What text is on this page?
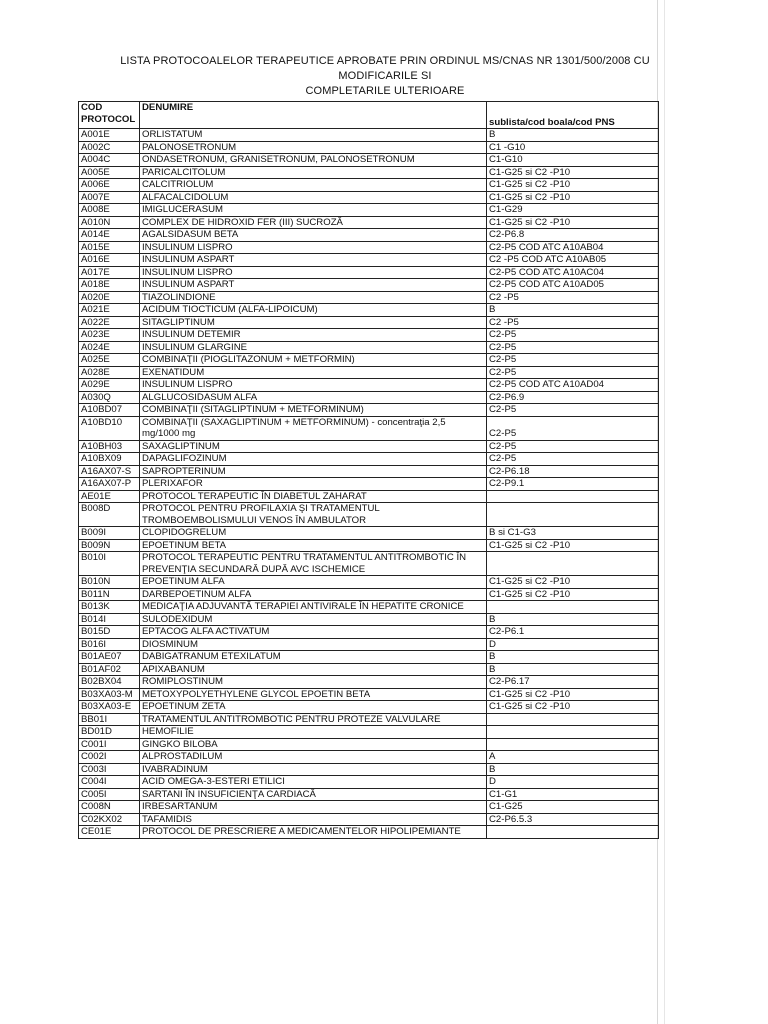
LISTA PROTOCOALELOR TERAPEUTICE APROBATE PRIN ORDINUL MS/CNAS NR 1301/500/2008 CU MODIFICARILE SI
COMPLETARILE ULTERIOARE
COD PROTOCOL	DENUMIRE	sublista/cod boala/cod PNS
A001E	ORLISTATUM	B
A002C	PALONOSETRONUM	C1 -G10
A004C	ONDASETRONUM, GRANISETRONUM, PALONOSETRONUM	C1-G10
A005E	PARICALCITOLUM	C1-G25 si C2 -P10
A006E	CALCITRIOLUM	C1-G25 si C2 -P10
A007E	ALFACALCIDOLUM	C1-G25 si C2 -P10
A008E	IMIGLUCERASUM	C1-G29
A010N	COMPLEX DE HIDROXID FER (III) SUCROZĂ	C1-G25 si C2 -P10
A014E	AGALSIDASUM BETA	C2-P6.8
A015E	INSULINUM LISPRO	C2-P5 COD ATC A10AB04
A016E	INSULINUM ASPART	C2 -P5 COD ATC A10AB05
A017E	INSULINUM LISPRO	C2-P5 COD ATC A10AC04
A018E	INSULINUM ASPART	C2-P5 COD ATC A10AD05
A020E	TIAZOLINDIONE	C2 -P5
A021E	ACIDUM TIOCTICUM (ALFA-LIPOICUM)	B
A022E	SITAGLIPTINUM	C2 -P5
A023E	INSULINUM DETEMIR	C2-P5
A024E	INSULINUM GLARGINE	C2-P5
A025E	COMBINAŢII (PIOGLITAZONUM + METFORMIN)	C2-P5
A028E	EXENATIDUM	C2-P5
A029E	INSULINUM LISPRO	C2-P5 COD ATC A10AD04
A030Q	ALGLUCOSIDASUM ALFA	C2-P6.9
A10BD07	COMBINAŢII (SITAGLIPTINUM + METFORMINUM)	C2-P5
A10BD10	COMBINAŢII (SAXAGLIPTINUM + METFORMINUM) - concentraţia 2,5 mg/1000 mg	C2-P5
A10BH03	SAXAGLIPTINUM	C2-P5
A10BX09	DAPAGLIFOZINUM	C2-P5
A16AX07-S	SAPROPTERINUM	C2-P6.18
A16AX07-P	PLERIXAFOR	C2-P9.1
AE01E	PROTOCOL TERAPEUTIC ÎN DIABETUL ZAHARAT	
B008D	PROTOCOL PENTRU PROFILAXIA ŞI TRATAMENTUL TROMBOEMBOLISMULUI VENOS ÎN AMBULATOR	
B009I	CLOPIDOGRELUM	B si C1-G3
B009N	EPOETINUM BETA	C1-G25 si C2 -P10
B010I	PROTOCOL TERAPEUTIC PENTRU TRATAMENTUL ANTITROMBOTIC ÎN PREVENŢIA SECUNDARĂ DUPĂ AVC ISCHEMICE	
B010N	EPOETINUM ALFA	C1-G25 si C2 -P10
B011N	DARBEPOETINUM ALFA	C1-G25 si C2 -P10
B013K	MEDICAŢIA ADJUVANTĂ TERAPIEI ANTIVIRALE ÎN HEPATITE CRONICE	
B014I	SULODEXIDUM	B
B015D	EPTACOG ALFA ACTIVATUM	C2-P6.1
B016I	DIOSMINUM	D
B01AE07	DABIGATRANUM ETEXILATUM	B
B01AF02	APIXABANUM	B
B02BX04	ROMIPLOSTINUM	C2-P6.17
B03XA03-M	METOXYPOLYETHYLENE GLYCOL EPOETIN BETA	C1-G25 si C2 -P10
B03XA03-E	EPOETINUM ZETA	C1-G25 si C2 -P10
BB01I	TRATAMENTUL ANTITROMBOTIC PENTRU PROTEZE VALVULARE	
BD01D	HEMOFILIE	
C001I	GINGKO BILOBA	
C002I	ALPROSTADILUM	A
C003I	IVABRADINUM	B
C004I	ACID OMEGA-3-ESTERI ETILICI	D
C005I	SARTANI ÎN INSUFICIENŢA CARDIACĂ	C1-G1
C008N	IRBESARTANUM	C1-G25
C02KX02	TAFAMIDIS	C2-P6.5.3
CE01E	PROTOCOL DE PRESCRIERE A MEDICAMENTELOR HIPOLIPEMIANTE	
